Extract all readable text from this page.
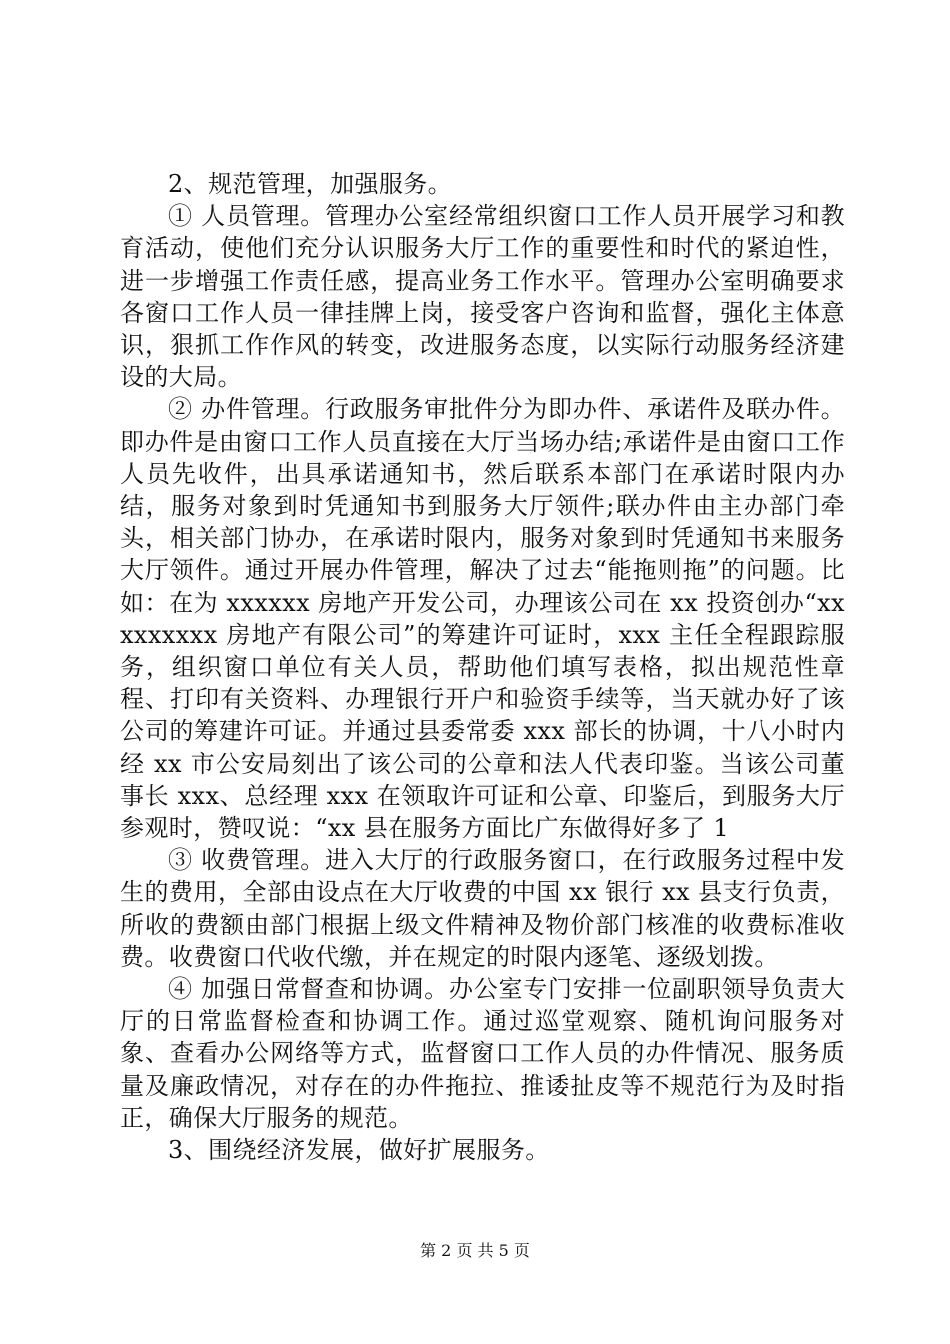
2、规范管理，加强服务。

① 人员管理。管理办公室经常组织窗口工作人员开展学习和教育活动，使他们充分认识服务大厅工作的重要性和时代的紧迫性，进一步增强工作责任感，提高业务工作水平。管理办公室明确要求各窗口工作人员一律挂牌上岗，接受客户咨询和监督，强化主体意识，狠抓工作作风的转变，改进服务态度，以实际行动服务经济建设的大局。

② 办件管理。行政服务审批件分为即办件、承诺件及联办件。即办件是由窗口工作人员直接在大厅当场办结;承诺件是由窗口工作人员先收件，出具承诺通知书，然后联系本部门在承诺时限内办结，服务对象到时凭通知书到服务大厅领件;联办件由主办部门牵头，相关部门协办，在承诺时限内，服务对象到时凭通知书来服务大厅领件。通过开展办件管理，解决了过去“能拖则拖”的问题。比如：在为 xxxxxx 房地产开发公司，办理该公司在 xx 投资创办“xxxxxxxxx 房地产有限公司”的筹建许可证时，xxx 主任全程跟踪服务，组织窗口单位有关人员，帮助他们填写表格，拟出规范性章程、打印有关资料、办理银行开户和验资手续等，当天就办好了该公司的筹建许可证。并通过县委常委 xxx 部长的协调，十八小时内经 xx 市公安局刻出了该公司的公章和法人代表印鉴。当该公司董事长 xxx、总经理 xxx 在领取许可证和公章、印鉴后，到服务大厅参观时，赞叹说：“xx 县在服务方面比广东做得好多了 1

③ 收费管理。进入大厅的行政服务窗口，在行政服务过程中发生的费用，全部由设点在大厅收费的中国 xx 银行 xx 县支行负责，所收的费额由部门根据上级文件精神及物价部门核准的收费标准收费。收费窗口代收代缴，并在规定的时限内逐笔、逐级划拨。

④ 加强日常督查和协调。办公室专门安排一位副职领导负责大厅的日常监督检查和协调工作。通过巡堂观察、随机询问服务对象、查看办公网络等方式，监督窗口工作人员的办件情况、服务质量及廉政情况，对存在的办件拖拉、推诿扯皮等不规范行为及时指正，确保大厅服务的规范。

3、围绕经济发展，做好扩展服务。

第 2 页 共 5 页
